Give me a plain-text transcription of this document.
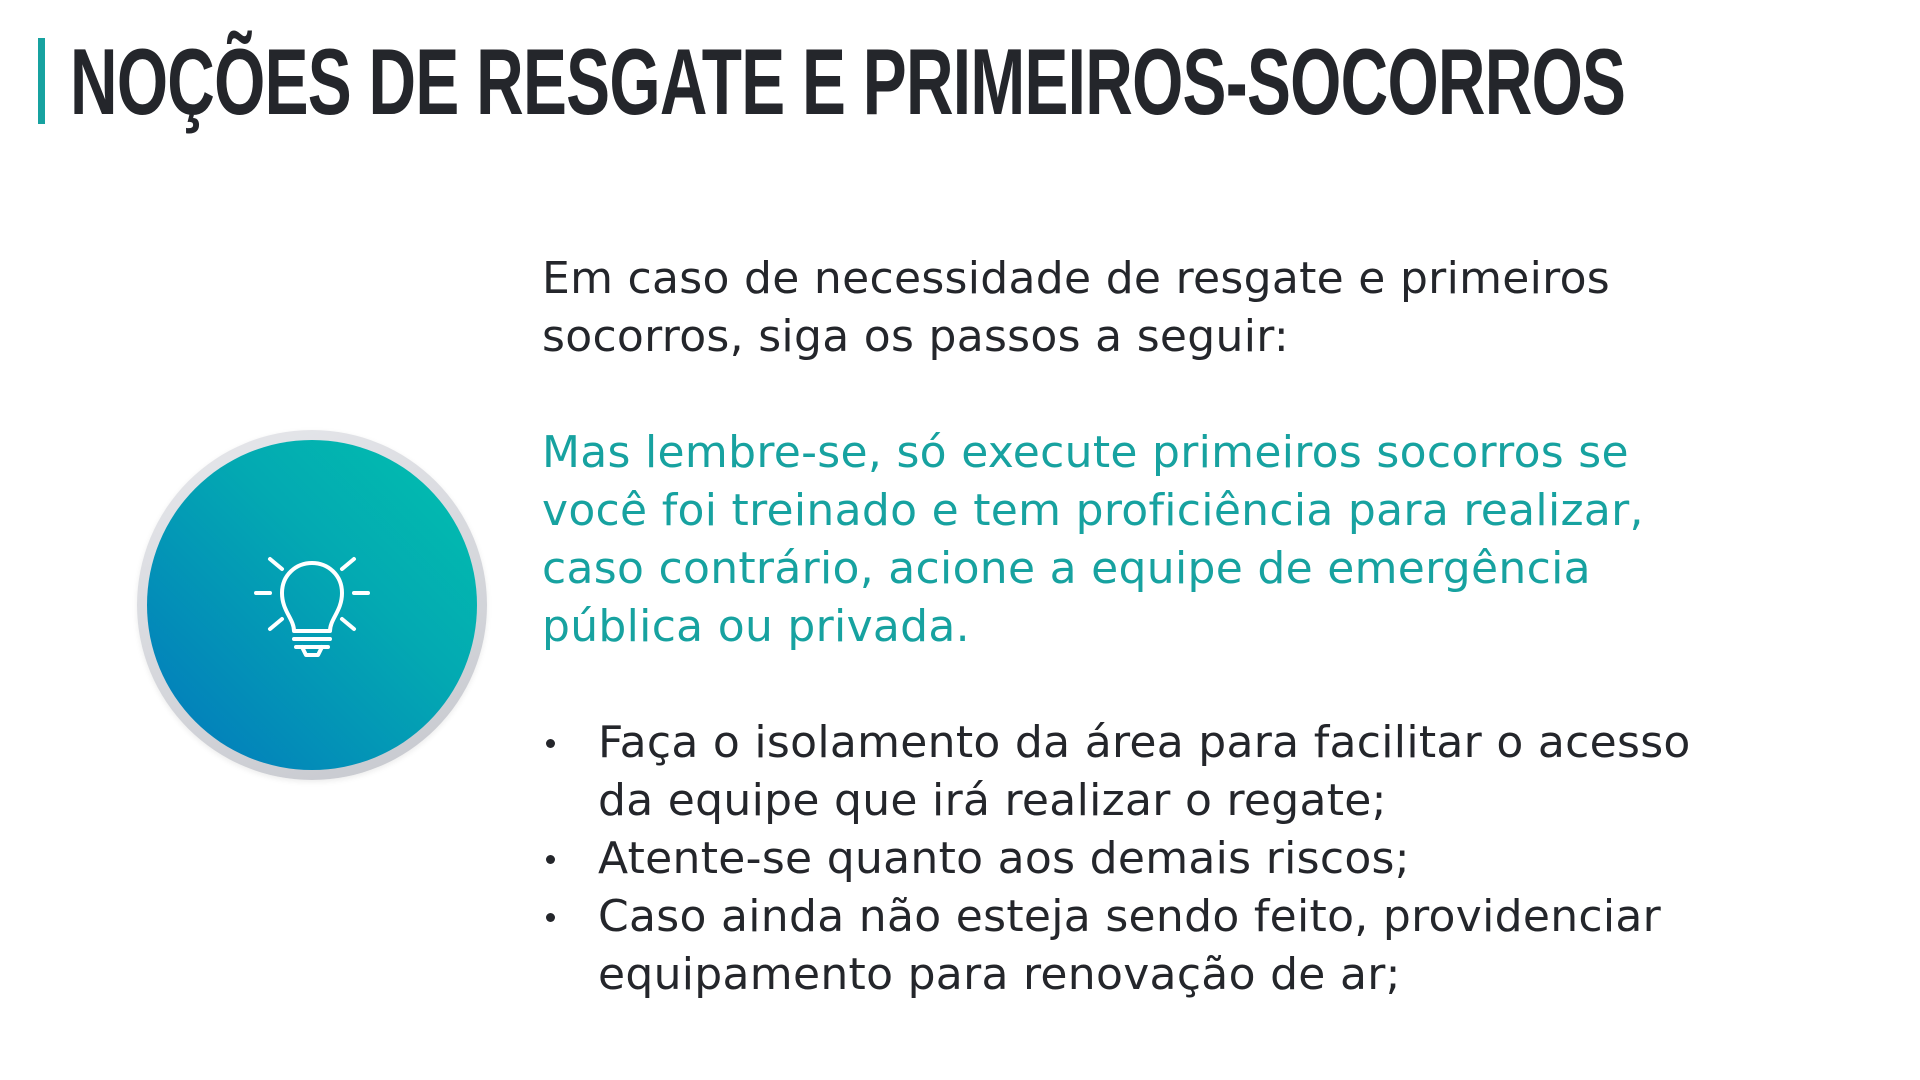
NOÇÕES DE RESGATE E PRIMEIROS-SOCORROS

Em caso de necessidade de resgate e primeiros
socorros, siga os passos a seguir:

Mas lembre-se, só execute primeiros socorros se
você foi treinado e tem proficiência para realizar,
caso contrário, acione a equipe de emergência
pública ou privada.

Faça o isolamento da área para facilitar o acesso
da equipe que irá realizar o regate;
Atente-se quanto aos demais riscos;
Caso ainda não esteja sendo feito, providenciar
equipamento para renovação de ar;
